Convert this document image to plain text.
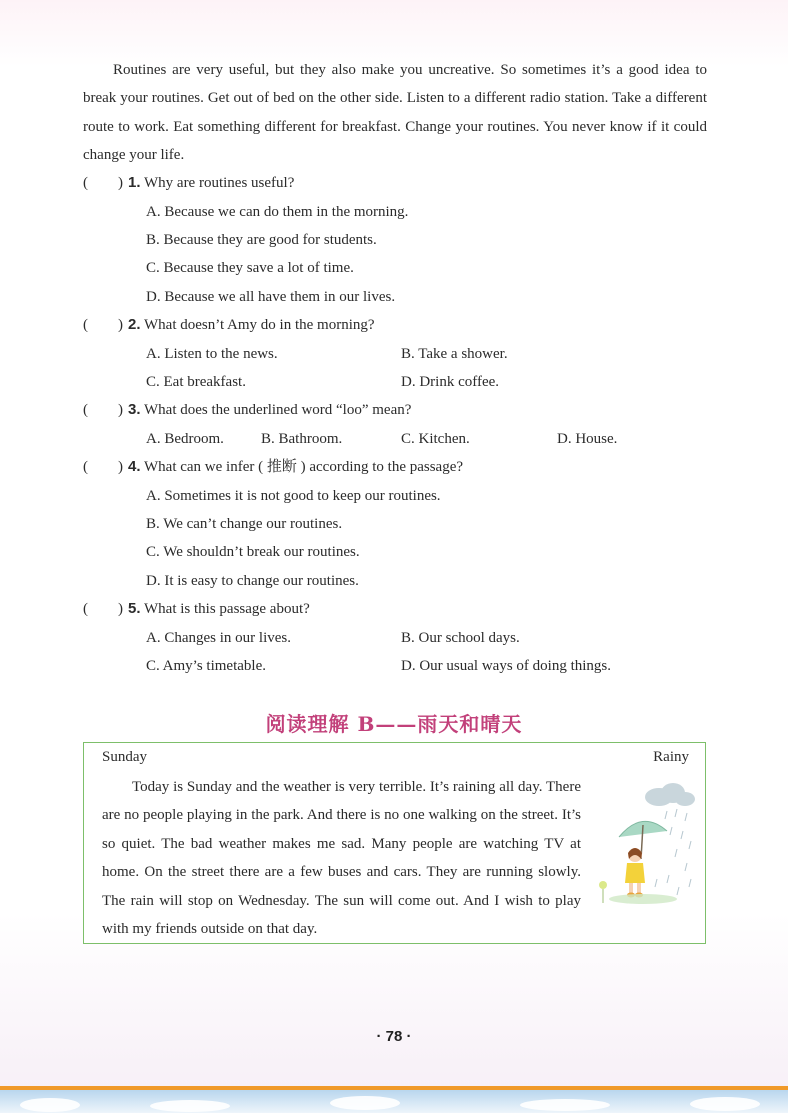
Routines are very useful, but they also make you uncreative. So sometimes it’s a good idea to break your routines. Get out of bed on the other side. Listen to a different radio station. Take a different route to work. Eat something different for breakfast. Change your routines. You never know if it could change your life.

(　　) 1. Why are routines useful?
A. Because we can do them in the morning.
B. Because they are good for students.
C. Because they save a lot of time.
D. Because we all have them in our lives.
(　　) 2. What doesn’t Amy do in the morning?
A. Listen to the news.	B. Take a shower.
C. Eat breakfast.	D. Drink coffee.
(　　) 3. What does the underlined word “loo” mean?
A. Bedroom. B. Bathroom.	C. Kitchen.	D. House.
(　　) 4. What can we infer ( 推断 ) according to the passage?
A. Sometimes it is not good to keep our routines.
B. We can’t change our routines.
C. We shouldn’t break our routines.
D. It is easy to change our routines.
(　　) 5. What is this passage about?
A. Changes in our lives.	B. Our school days.
C. Amy’s timetable.	D. Our usual ways of doing things.
阅读理解 B——雨天和晴天
Sunday	Rainy

Today is Sunday and the weather is very terrible. It’s raining all day. There are no people playing in the park. And there is no one walking on the street. It’s so quiet. The bad weather makes me sad. Many people are watching TV at home. On the street there are a few buses and cars. They are running slowly. The rain will stop on Wednesday. The sun will come out. And I wish to play with my friends outside on that day.

· 78 ·
